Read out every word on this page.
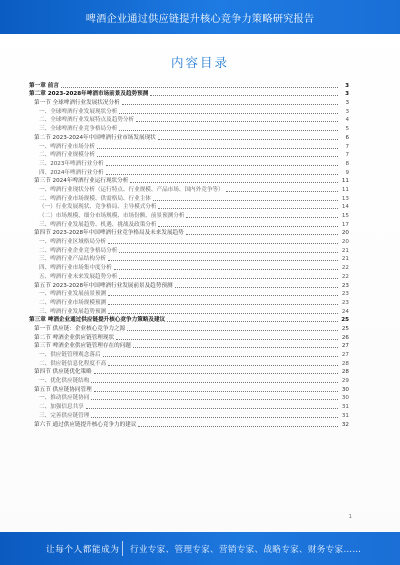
啤酒企业通过供应链提升核心竞争力策略研究报告
内容目录
第一章 前言	3
第二章 2023-2028年啤酒市场前景及趋势预测	3
第一节 全球啤酒行业发展状况分析	3
一、全球啤酒行业发展现状分析	3
二、全球啤酒行业发展特点及趋势分析	4
三、全球啤酒行业竞争格局分析	5
第二节 2023-2024年中国啤酒行业市场发展现状	6
一、啤酒行业市场分析	7
二、啤酒行业规模分析	7
三、2023年啤酒行业分析	8
四、2024年啤酒行业分析	9
第三节 2024年啤酒行业运行现状分析	11
一、啤酒行业现状分析（运行特点、行业规模、产品市场、国内外竞争等）	11
二、啤酒行业市场规模、供需格局、行业主体	13
（一）行业发展现状、竞争格局、主导模式分析	14
（二）市场规模、细分市场规模、市场份额、前景预测分析	15
三、啤酒行业发展趋势、机遇、挑战及政策分析	17
第四节 2023-2028年中国啤酒行业竞争格局及未来发展趋势	20
一、啤酒行业区域格局分析	20
二、啤酒行业企业竞争格局分析	21
三、啤酒行业产品结构分析	21
四、啤酒行业市场集中度分析	22
五、啤酒行业未来发展趋势分析	22
第五节 2023-2028年中国啤酒行业发展前景及趋势预测	23
一、啤酒行业发展前景预测	23
二、啤酒行业市场规模预测	23
三、啤酒行业发展趋势预测	24
第三章 啤酒企业通过供应链提升核心竞争力策略及建议	25
第一节 供应链：企业核心竞争力之源	25
第二节 啤酒企业供应链管理现状	26
第三节 啤酒企业供应链管理存在的问题	27
一、供应链管理观念落后	27
二、供应链信息化程度不高	28
第四节 供应链优化策略	28
一、优化供应链结构	29
第五节 供应链协同管理	30
一、推动供应链协同	30
二、加强信息共享	31
三、完善供应链管理	31
第六节 通过供应链提升核心竞争力的建议	32
1
让每个人都能成为 行业专家、管理专家、营销专家、战略专家、财务专家……
